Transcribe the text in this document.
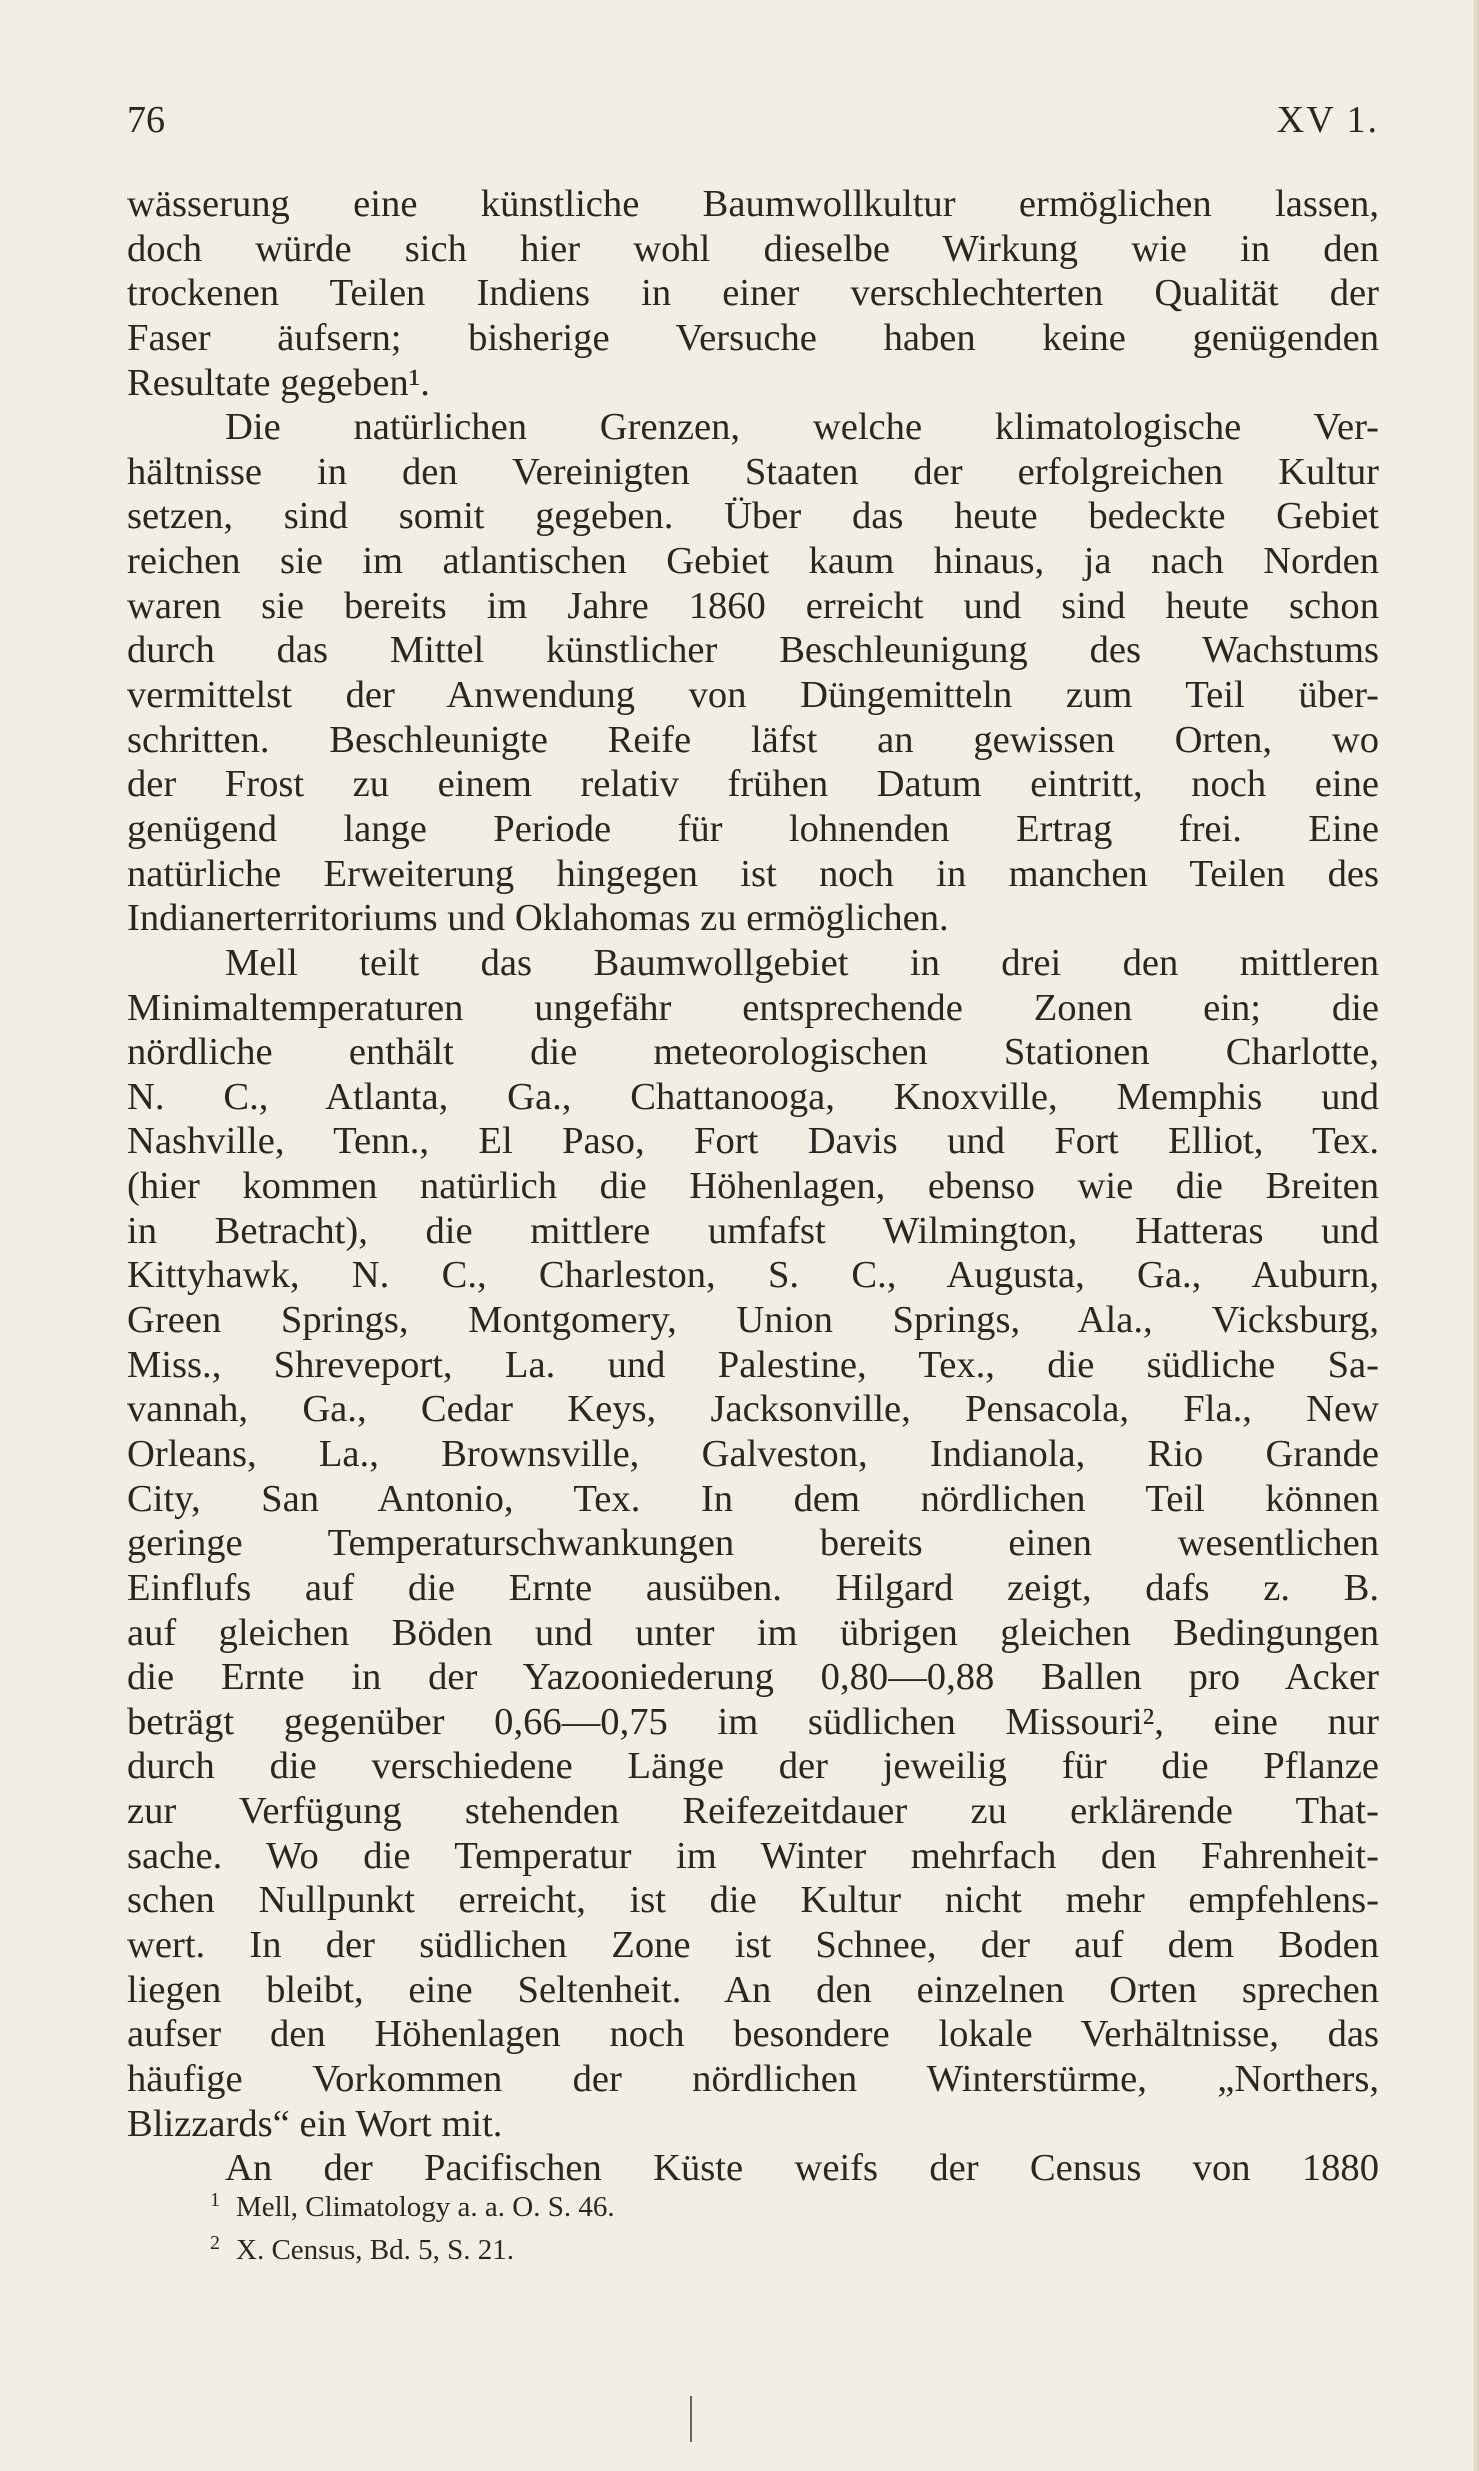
76	XV 1.
wässerung eine künstliche Baumwollkultur ermöglichen lassen,
doch würde sich hier wohl dieselbe Wirkung wie in den
trockenen Teilen Indiens in einer verschlechterten Qualität der
Faser äufsern; bisherige Versuche haben keine genügenden
Resultate gegeben¹.
Die natürlichen Grenzen, welche klimatologische Ver-
hältnisse in den Vereinigten Staaten der erfolgreichen Kultur
setzen, sind somit gegeben. Über das heute bedeckte Gebiet
reichen sie im atlantischen Gebiet kaum hinaus, ja nach Norden
waren sie bereits im Jahre 1860 erreicht und sind heute schon
durch das Mittel künstlicher Beschleunigung des Wachstums
vermittelst der Anwendung von Düngemitteln zum Teil über-
schritten. Beschleunigte Reife läfst an gewissen Orten, wo
der Frost zu einem relativ frühen Datum eintritt, noch eine
genügend lange Periode für lohnenden Ertrag frei. Eine
natürliche Erweiterung hingegen ist noch in manchen Teilen des
Indianerterritoriums und Oklahomas zu ermöglichen.
Mell teilt das Baumwollgebiet in drei den mittleren
Minimaltemperaturen ungefähr entsprechende Zonen ein; die
nördliche enthält die meteorologischen Stationen Charlotte,
N. C., Atlanta, Ga., Chattanooga, Knoxville, Memphis und
Nashville, Tenn., El Paso, Fort Davis und Fort Elliot, Tex.
(hier kommen natürlich die Höhenlagen, ebenso wie die Breiten
in Betracht), die mittlere umfafst Wilmington, Hatteras und
Kittyhawk, N. C., Charleston, S. C., Augusta, Ga., Auburn,
Green Springs, Montgomery, Union Springs, Ala., Vicksburg,
Miss., Shreveport, La. und Palestine, Tex., die südliche Sa-
vannah, Ga., Cedar Keys, Jacksonville, Pensacola, Fla., New
Orleans, La., Brownsville, Galveston, Indianola, Rio Grande
City, San Antonio, Tex. In dem nördlichen Teil können
geringe Temperaturschwankungen bereits einen wesentlichen
Einflufs auf die Ernte ausüben. Hilgard zeigt, dafs z. B.
auf gleichen Böden und unter im übrigen gleichen Bedingungen
die Ernte in der Yazooniederung 0,80—0,88 Ballen pro Acker
beträgt gegenüber 0,66—0,75 im südlichen Missouri², eine nur
durch die verschiedene Länge der jeweilig für die Pflanze
zur Verfügung stehenden Reifezeitdauer zu erklärende That-
sache. Wo die Temperatur im Winter mehrfach den Fahrenheit-
schen Nullpunkt erreicht, ist die Kultur nicht mehr empfehlens-
wert. In der südlichen Zone ist Schnee, der auf dem Boden
liegen bleibt, eine Seltenheit. An den einzelnen Orten sprechen
aufser den Höhenlagen noch besondere lokale Verhältnisse, das
häufige Vorkommen der nördlichen Winterstürme, „Northers,
Blizzards“ ein Wort mit.
An der Pacifischen Küste weifs der Census von 1880
1 Mell, Climatology a. a. O. S. 46.
2 X. Census, Bd. 5, S. 21.
